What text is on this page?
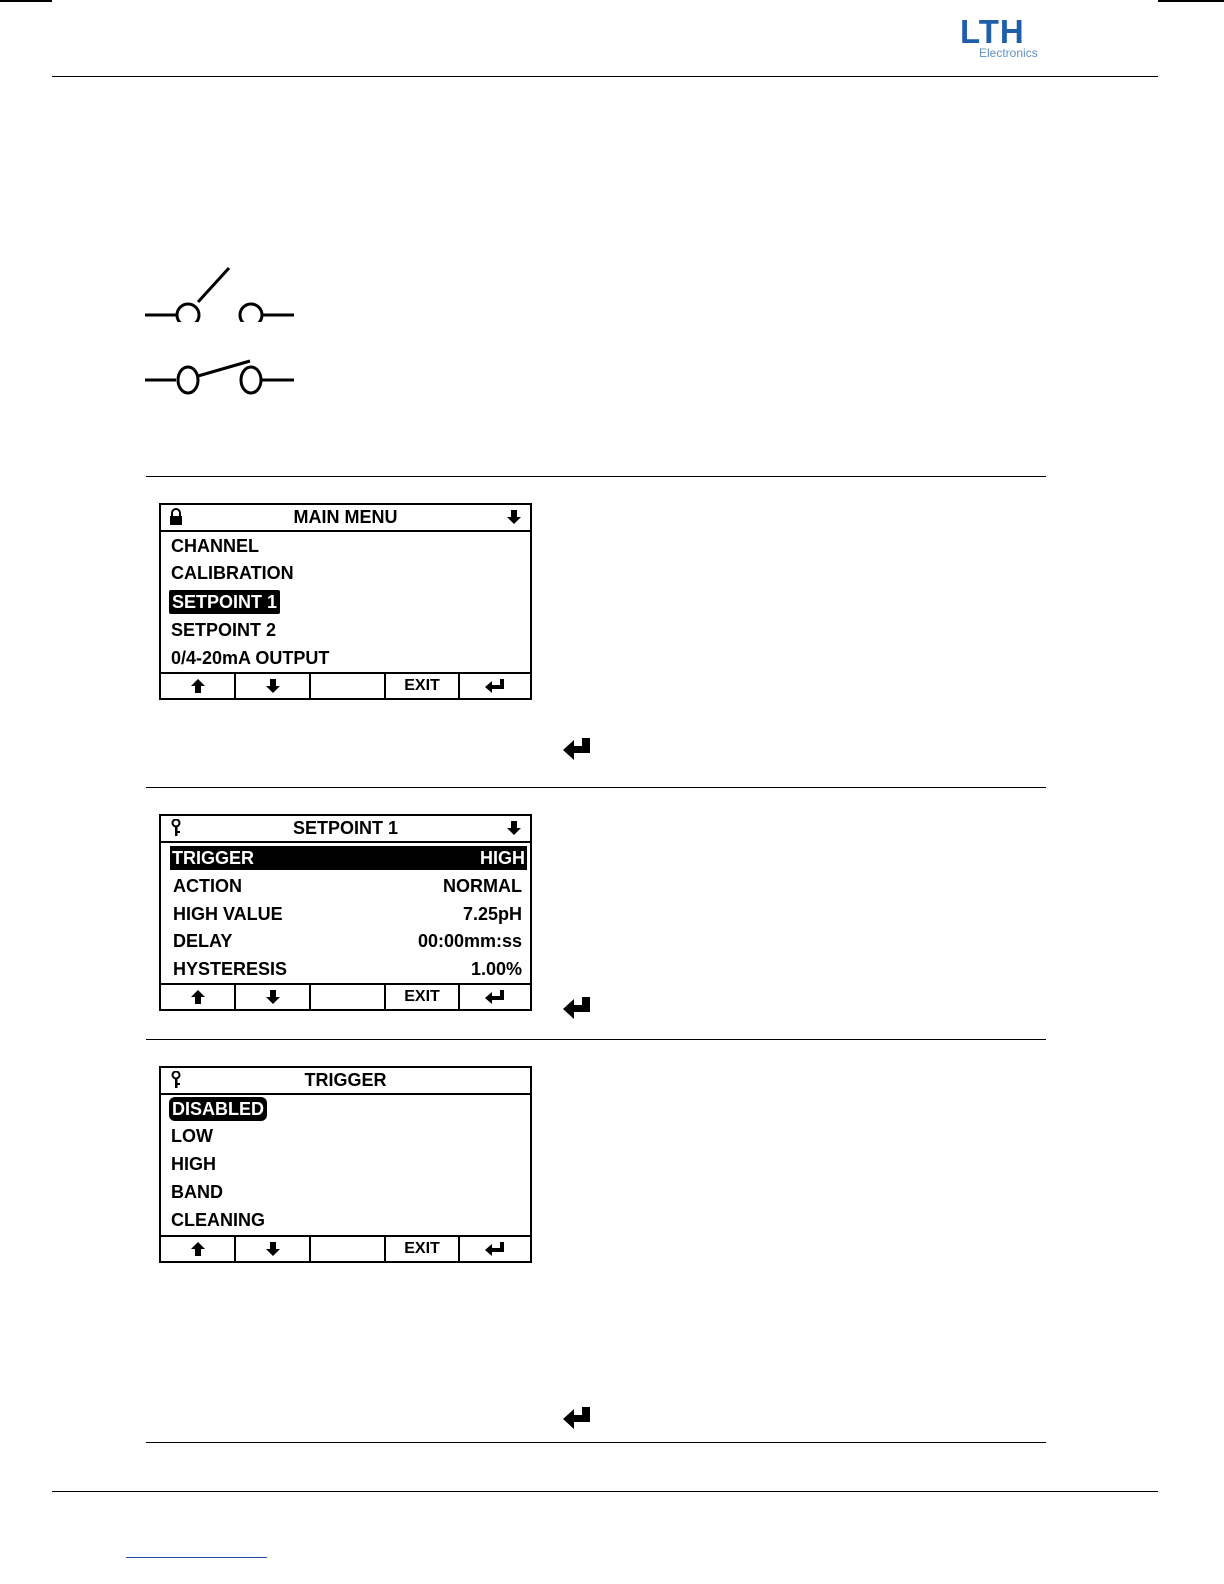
LTH
Electronics
MAIN MENU
CHANNEL
CALIBRATION
SETPOINT 1
SETPOINT 2
0/4-20mA OUTPUT
EXIT
SETPOINT 1
TRIGGER	HIGH
ACTION	NORMAL
HIGH VALUE	7.25pH
DELAY	00:00mm:ss
HYSTERESIS	1.00%
EXIT
TRIGGER
DISABLED
LOW
HIGH
BAND
CLEANING
EXIT
